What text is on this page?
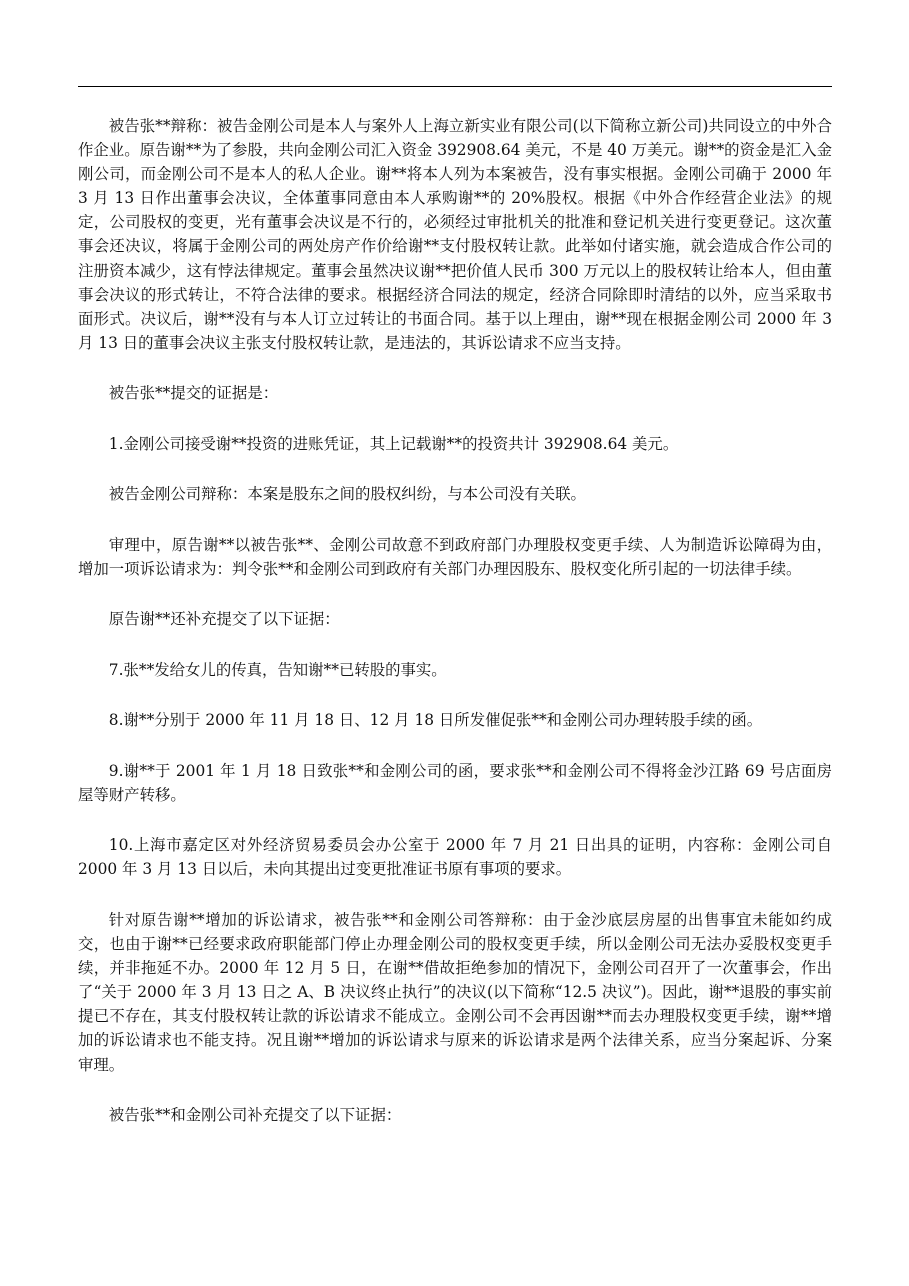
被告张**辩称：被告金刚公司是本人与案外人上海立新实业有限公司(以下简称立新公司)共同设立的中外合作企业。原告谢**为了参股，共向金刚公司汇入资金 392908.64 美元，不是 40 万美元。谢**的资金是汇入金刚公司，而金刚公司不是本人的私人企业。谢**将本人列为本案被告，没有事实根据。金刚公司确于 2000 年 3 月 13 日作出董事会决议，全体董事同意由本人承购谢**的 20%股权。根据《中外合作经营企业法》的规定，公司股权的变更，光有董事会决议是不行的，必须经过审批机关的批准和登记机关进行变更登记。这次董事会还决议，将属于金刚公司的两处房产作价给谢**支付股权转让款。此举如付诸实施，就会造成合作公司的注册资本减少，这有悖法律规定。董事会虽然决议谢**把价值人民币 300 万元以上的股权转让给本人，但由董事会决议的形式转让，不符合法律的要求。根据经济合同法的规定，经济合同除即时清结的以外，应当采取书面形式。决议后，谢**没有与本人订立过转让的书面合同。基于以上理由，谢**现在根据金刚公司 2000 年 3 月 13 日的董事会决议主张支付股权转让款，是违法的，其诉讼请求不应当支持。

被告张**提交的证据是：

1.金刚公司接受谢**投资的进账凭证，其上记载谢**的投资共计 392908.64 美元。

被告金刚公司辩称：本案是股东之间的股权纠纷，与本公司没有关联。

审理中，原告谢**以被告张**、金刚公司故意不到政府部门办理股权变更手续、人为制造诉讼障碍为由，增加一项诉讼请求为：判令张**和金刚公司到政府有关部门办理因股东、股权变化所引起的一切法律手续。

原告谢**还补充提交了以下证据：

7.张**发给女儿的传真，告知谢**已转股的事实。

8.谢**分别于 2000 年 11 月 18 日、12 月 18 日所发催促张**和金刚公司办理转股手续的函。

9.谢**于 2001 年 1 月 18 日致张**和金刚公司的函，要求张**和金刚公司不得将金沙江路 69 号店面房屋等财产转移。

10.上海市嘉定区对外经济贸易委员会办公室于 2000 年 7 月 21 日出具的证明，内容称：金刚公司自 2000 年 3 月 13 日以后，未向其提出过变更批准证书原有事项的要求。

针对原告谢**增加的诉讼请求，被告张**和金刚公司答辩称：由于金沙底层房屋的出售事宜未能如约成交，也由于谢**已经要求政府职能部门停止办理金刚公司的股权变更手续，所以金刚公司无法办妥股权变更手续，并非拖延不办。2000 年 12 月 5 日，在谢**借故拒绝参加的情况下，金刚公司召开了一次董事会，作出了“关于 2000 年 3 月 13 日之 A、B 决议终止执行”的决议(以下简称“12.5 决议”)。因此，谢**退股的事实前提已不存在，其支付股权转让款的诉讼请求不能成立。金刚公司不会再因谢**而去办理股权变更手续，谢**增加的诉讼请求也不能支持。况且谢**增加的诉讼请求与原来的诉讼请求是两个法律关系，应当分案起诉、分案审理。

被告张**和金刚公司补充提交了以下证据：
